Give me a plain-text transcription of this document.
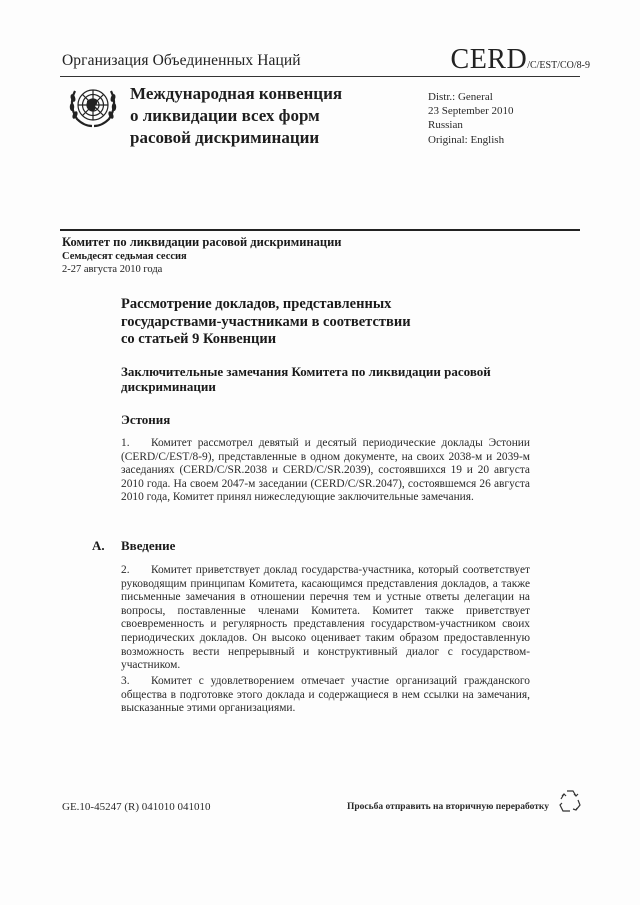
Организация Объединенных Наций	CERD/C/EST/CO/8-9
Международная конвенция
о ликвидации всех форм
расовой дискриминации
Distr.: General
23 September 2010
Russian
Original: English
Комитет по ликвидации расовой дискриминации
Семьдесят седьмая сессия
2-27 августа 2010 года
Рассмотрение докладов, представленных
государствами-участниками в соответствии
со статьей 9 Конвенции
Заключительные замечания Комитета по ликвидации расовой дискриминации
Эстония
1. Комитет рассмотрел девятый и десятый периодические доклады Эстонии (CERD/C/EST/8-9), представленные в одном документе, на своих 2038-м и 2039-м заседаниях (CERD/C/SR.2038 и CERD/C/SR.2039), состоявшихся 19 и 20 августа 2010 года. На своем 2047-м заседании (CERD/C/SR.2047), состоявшемся 26 августа 2010 года, Комитет принял нижеследующие заключительные замечания.
A. Введение
2. Комитет приветствует доклад государства-участника, который соответствует руководящим принципам Комитета, касающимся представления докладов, а также письменные замечания в отношении перечня тем и устные ответы делегации на вопросы, поставленные членами Комитета. Комитет также приветствует своевременность и регулярность представления государством-участником своих периодических докладов. Он высоко оценивает таким образом предоставленную возможность вести непрерывный и конструктивный диалог с государством-участником.
3. Комитет с удовлетворением отмечает участие организаций гражданского общества в подготовке этого доклада и содержащиеся в нем ссылки на замечания, высказанные этими организациями.
GE.10-45247 (R) 041010 041010	Просьба отправить на вторичную переработку
